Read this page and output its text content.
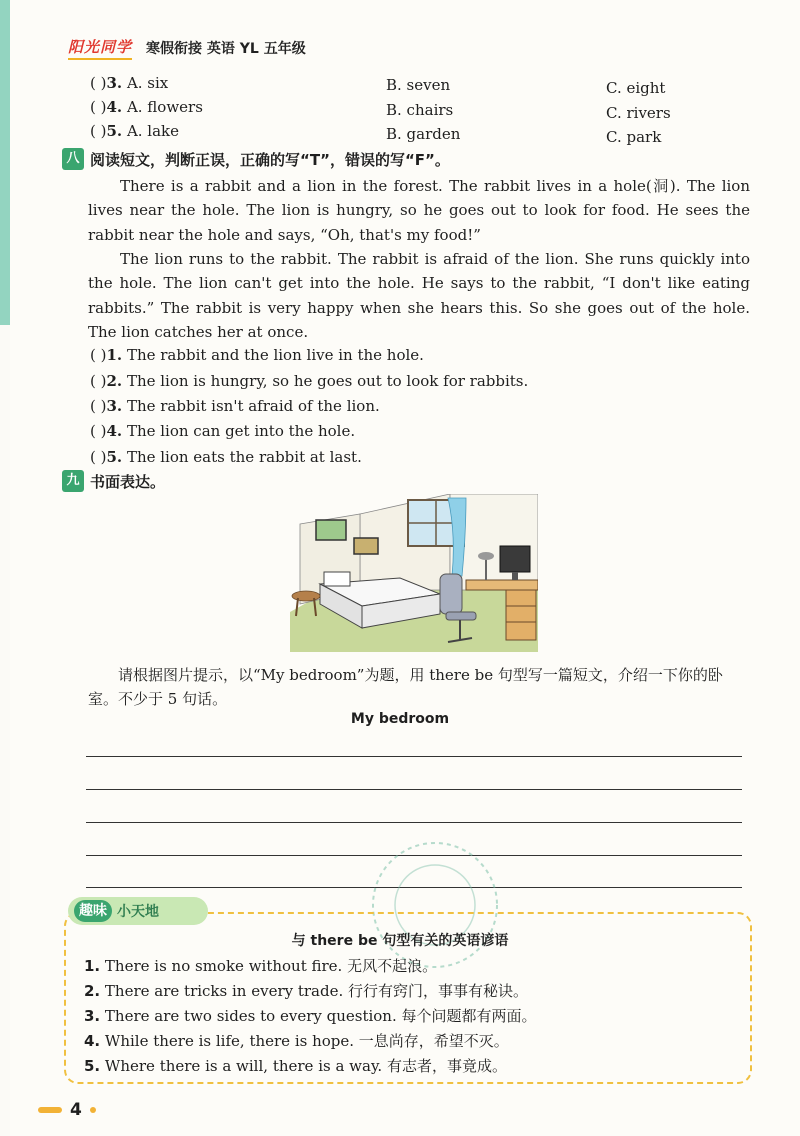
阳光同学 寒假衔接 英语 YL 五年级
( )3. A. six	B. seven	C. eight
( )4. A. flowers	B. chairs	C. rivers
( )5. A. lake	B. garden	C. park
八 阅读短文，判断正误，正确的写“T”，错误的写“F”。

There is a rabbit and a lion in the forest. The rabbit lives in a hole(洞). The lion lives near the hole. The lion is hungry, so he goes out to look for food. He sees the rabbit near the hole and says, “Oh, that's my food!”

The lion runs to the rabbit. The rabbit is afraid of the lion. She runs quickly into the hole. The lion can't get into the hole. He says to the rabbit, “I don't like eating rabbits.” The rabbit is very happy when she hears this. So she goes out of the hole. The lion catches her at once.

( )1. The rabbit and the lion live in the hole.
( )2. The lion is hungry, so he goes out to look for rabbits.
( )3. The rabbit isn't afraid of the lion.
( )4. The lion can get into the hole.
( )5. The lion eats the rabbit at last.
九 书面表达。

请根据图片提示，以“My bedroom”为题，用 there be 句型写一篇短文，介绍一下你的卧室。不少于 5 句话。

My bedroom
趣味 小天地
与 there be 句型有关的英语谚语
1. There is no smoke without fire. 无风不起浪。
2. There are tricks in every trade. 行行有窍门，事事有秘诀。
3. There are two sides to every question. 每个问题都有两面。
4. While there is life, there is hope. 一息尚存，希望不灭。
5. Where there is a will, there is a way. 有志者，事竟成。
4
